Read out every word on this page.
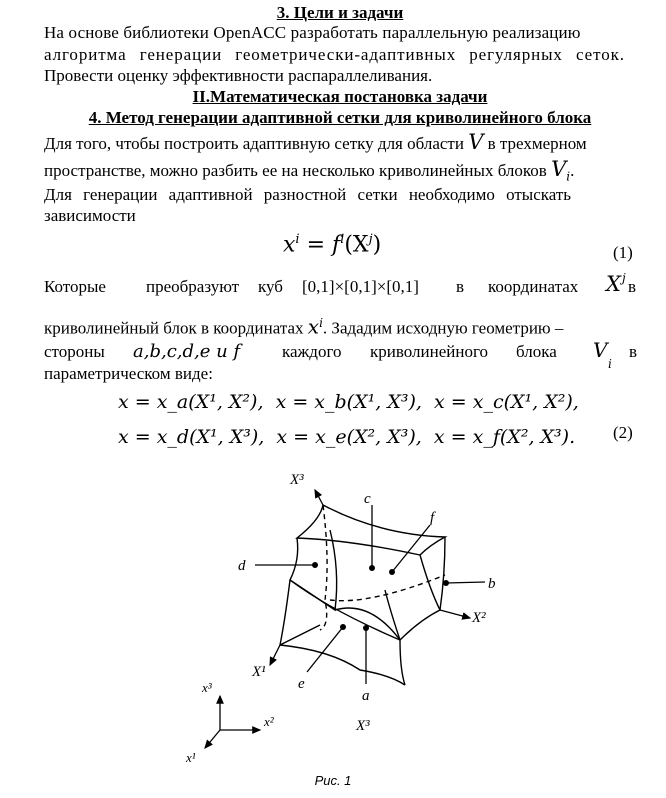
3. Цели и задачи
На основе библиотеки OpenACC разработать параллельную реализацию
алгоритма генерации геометрически-адаптивных регулярных сеток.
Провести оценку эффективности распараллеливания.
II.Математическая постановка задачи
4. Метод генерации адаптивной сетки для криволинейного блока
Для того, чтобы построить адаптивную сетку для области V в трехмерном
пространстве, можно разбить ее на несколько криволинейных блоков $V_i$.
Для генерации адаптивной разностной сетки необходимо отыскать
зависимости
$x^i = f^i(X^j)$	(1)
Которые преобразуют куб [0,1]×[0,1]×[0,1] в координатах X j в
криволинейный блок в координатах $x^i$. Зададим исходную геометрию –
стороны a,b,c,d,e и f каждого криволинейного блока V
i
в
параметрическом виде:
x = x_a(X¹, X²), x = x_b(X¹, X³), x = x_c(X¹, X²),
x = x_d(X¹, X³), x = x_e(X², X³), x = x_f(X², X³). (2)
X³
c
f
d
b
X²
X¹
e
a
X³
x³
x²
x¹
Рис. 1
